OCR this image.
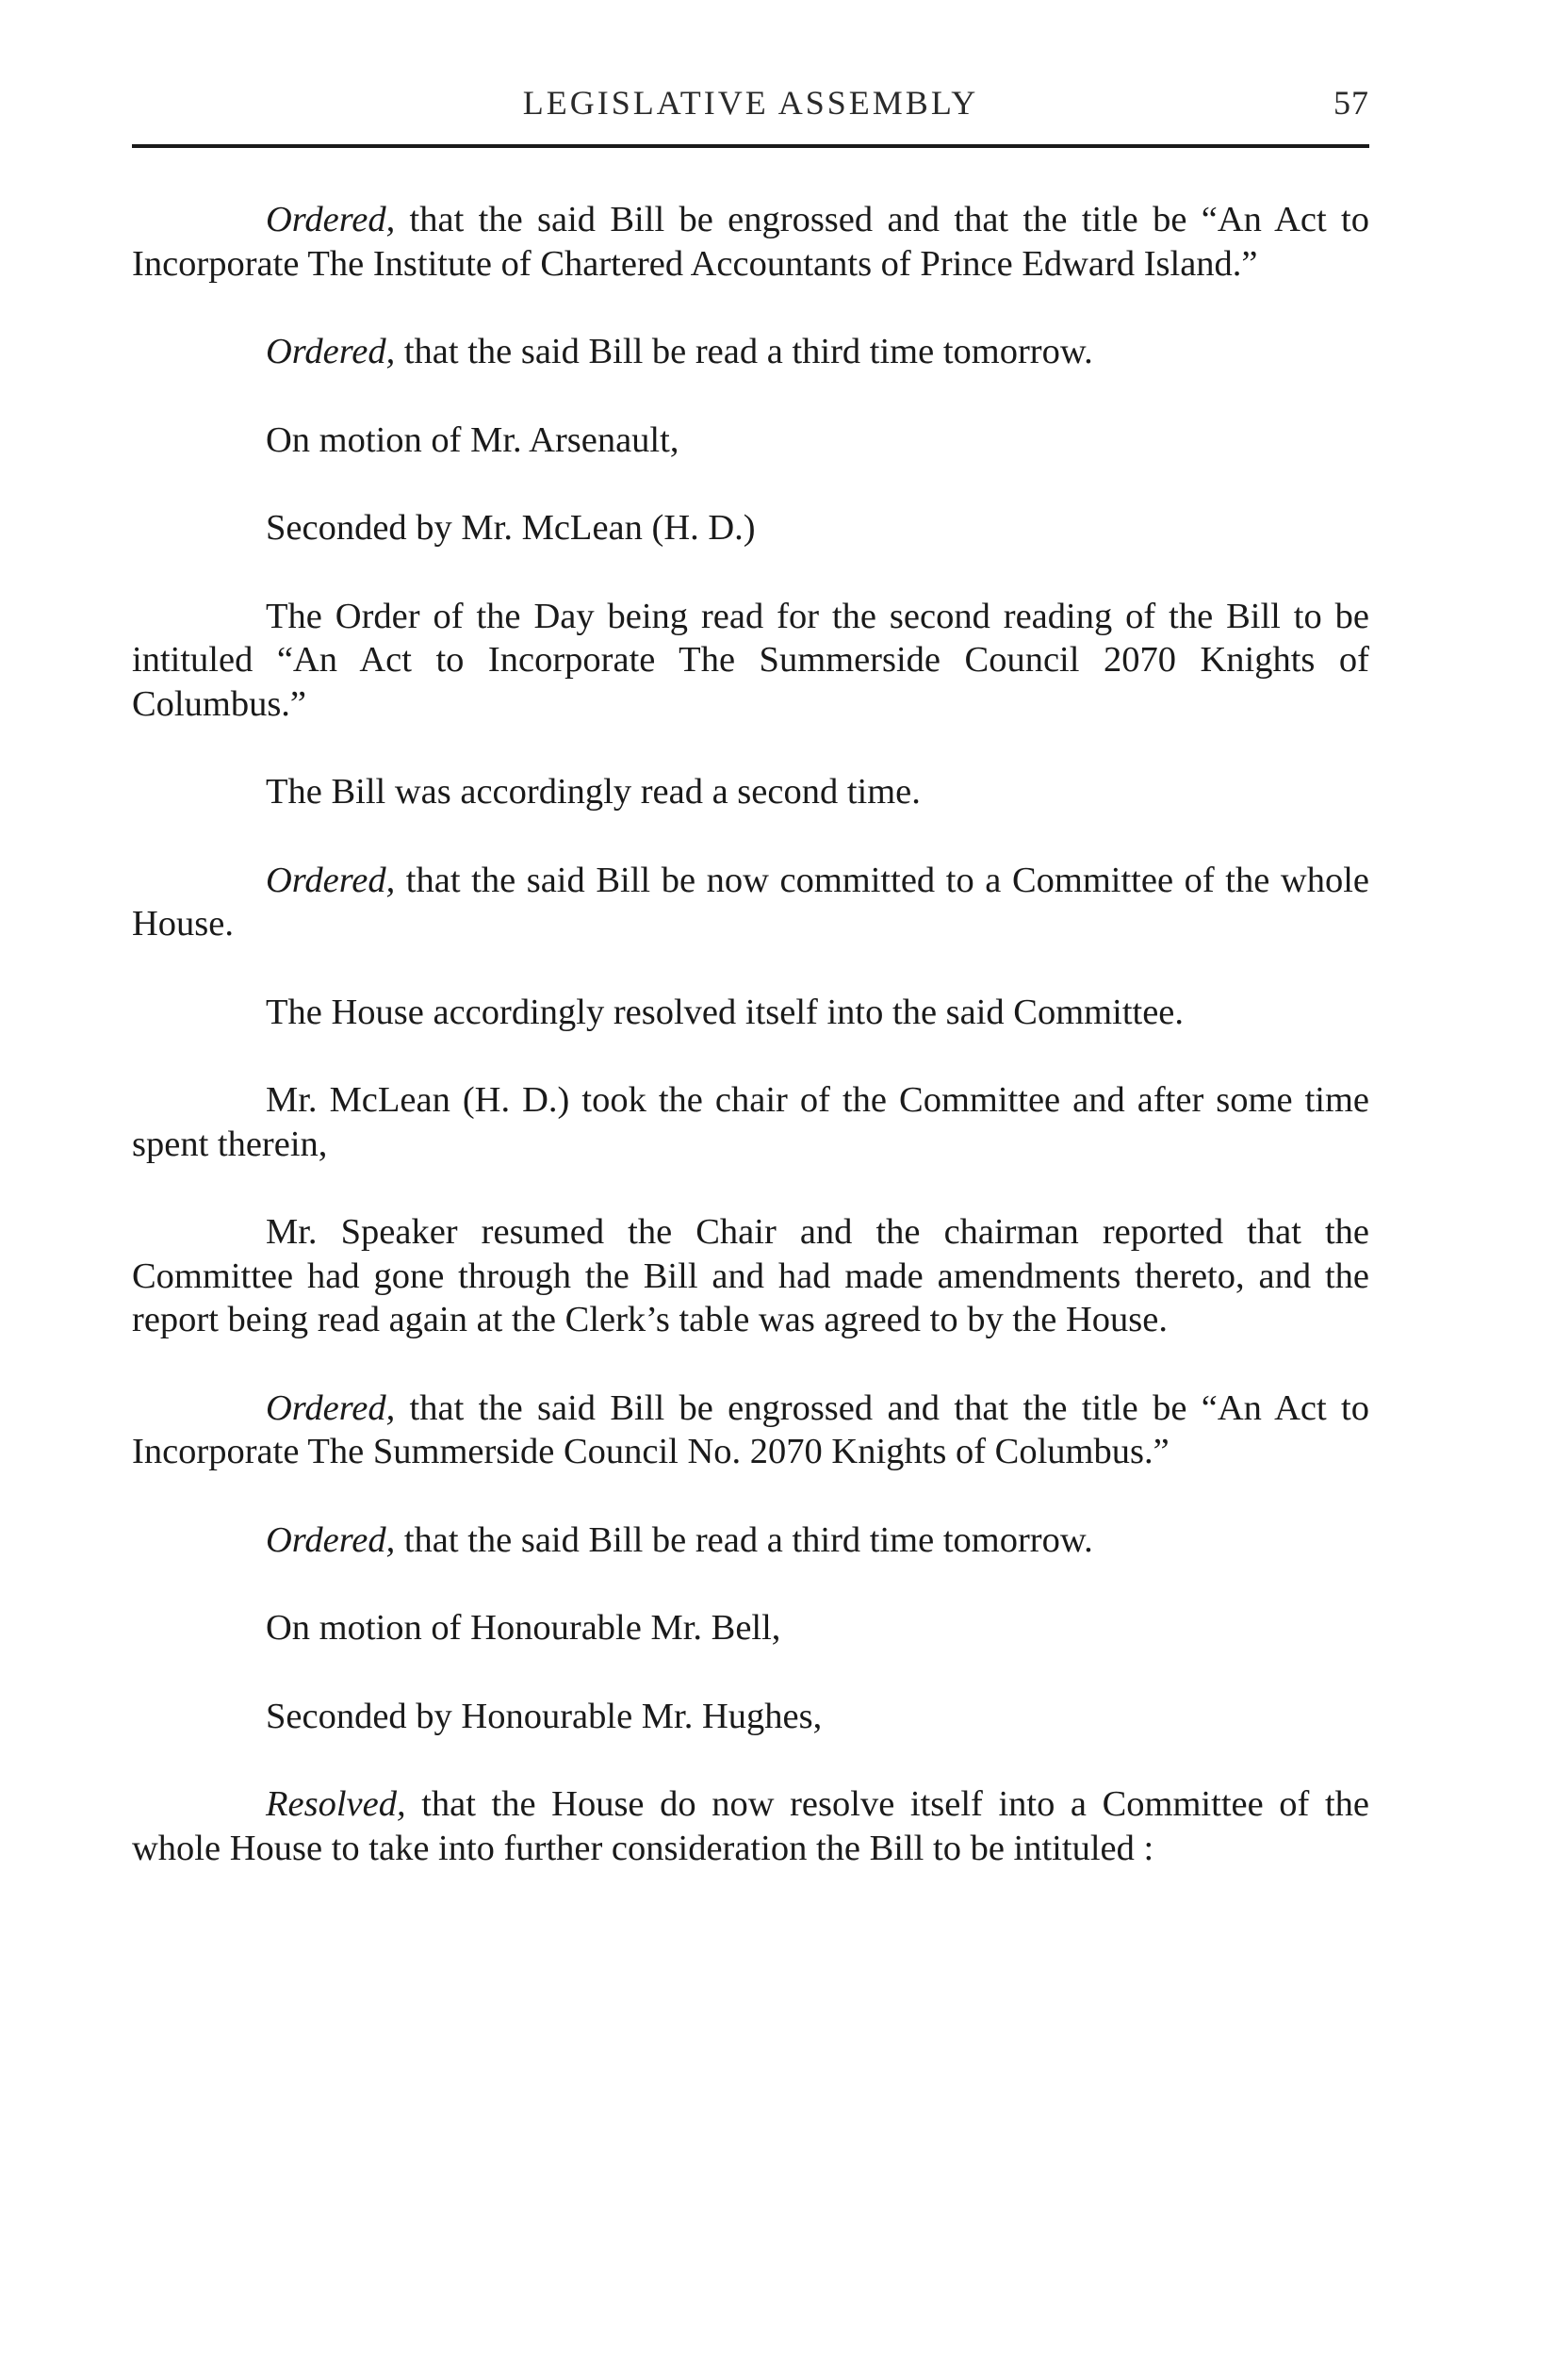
LEGISLATIVE ASSEMBLY	57

Ordered, that the said Bill be engrossed and that the title be “An Act to Incorporate The Institute of Chartered Accountants of Prince Edward Island.”

Ordered, that the said Bill be read a third time tomorrow.

On motion of Mr. Arsenault,

Seconded by Mr. McLean (H. D.)

The Order of the Day being read for the second reading of the Bill to be intituled “An Act to Incorporate The Summerside Council 2070 Knights of Columbus.”

The Bill was accordingly read a second time.

Ordered, that the said Bill be now committed to a Committee of the whole House.

The House accordingly resolved itself into the said Committee.

Mr. McLean (H. D.) took the chair of the Committee and after some time spent therein,

Mr. Speaker resumed the Chair and the chairman reported that the Committee had gone through the Bill and had made amendments thereto, and the report being read again at the Clerk’s table was agreed to by the House.

Ordered, that the said Bill be engrossed and that the title be “An Act to Incorporate The Summerside Council No. 2070 Knights of Columbus.”

Ordered, that the said Bill be read a third time tomorrow.

On motion of Honourable Mr. Bell,

Seconded by Honourable Mr. Hughes,

Resolved, that the House do now resolve itself into a Committee of the whole House to take into further consideration the Bill to be intituled :
